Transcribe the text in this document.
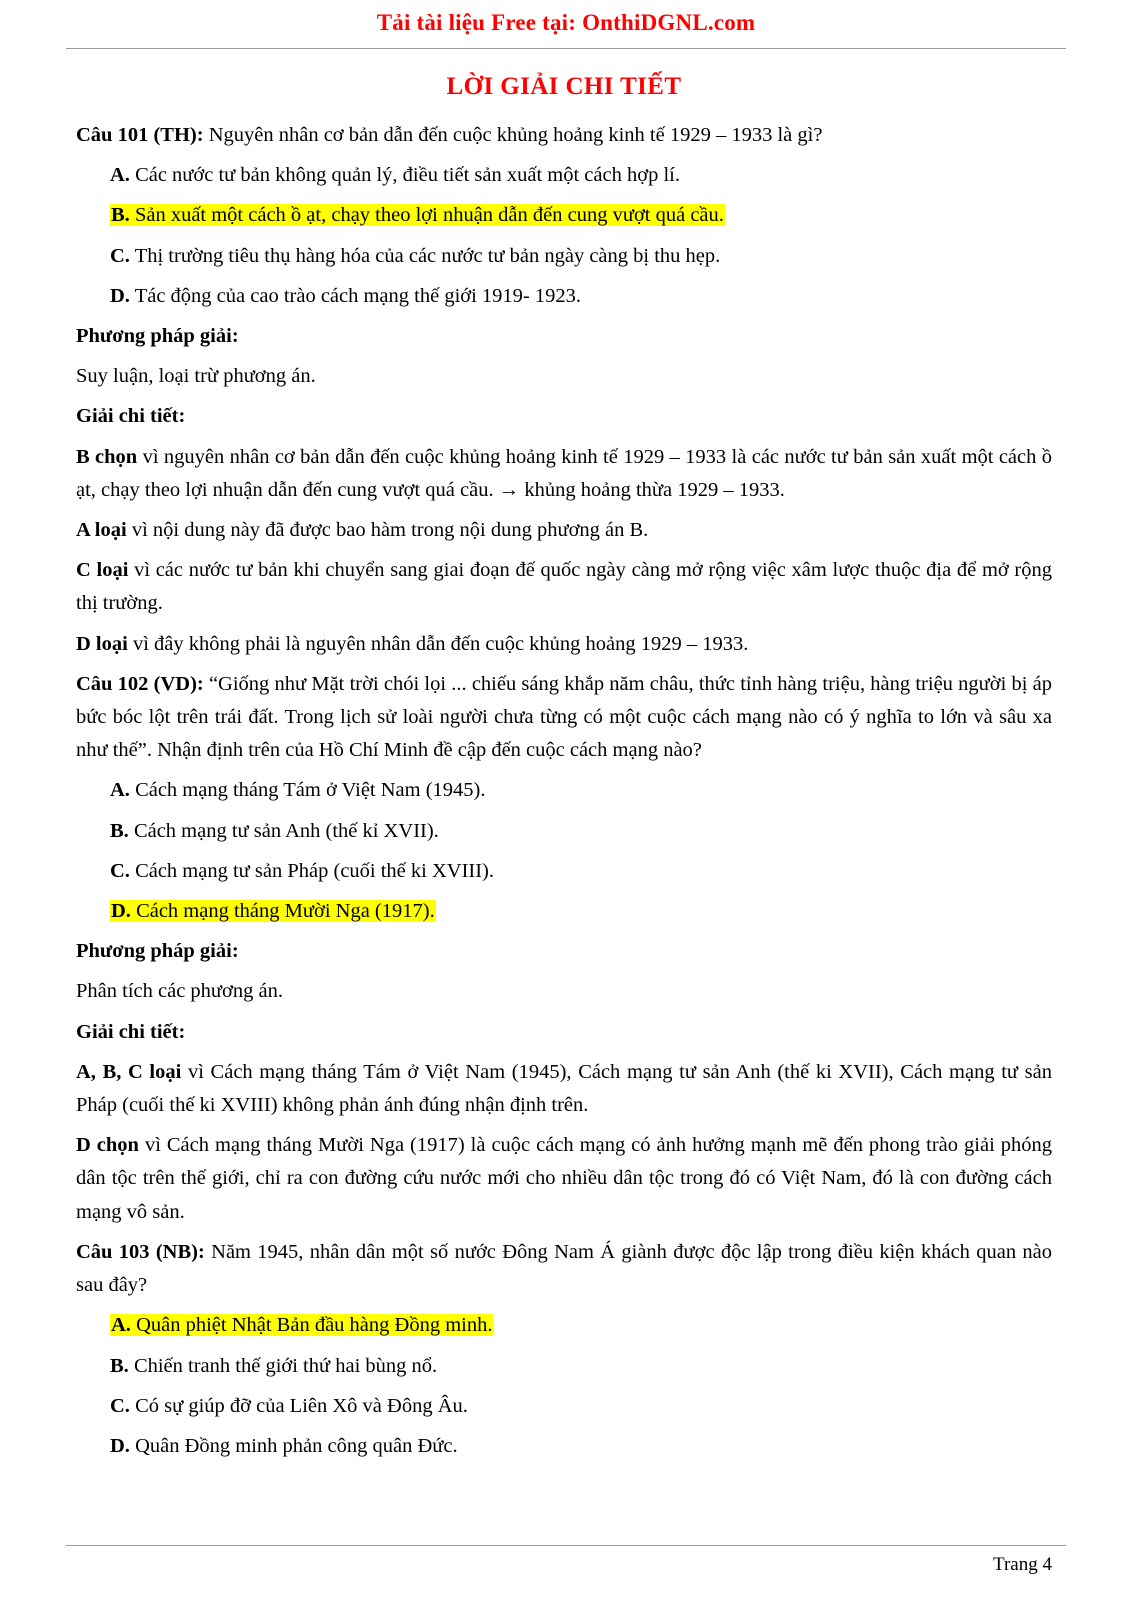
Tải tài liệu Free tại: OnthiDGNL.com
LỜI GIẢI CHI TIẾT
Câu 101 (TH): Nguyên nhân cơ bản dẫn đến cuộc khủng hoảng kinh tế 1929 – 1933 là gì?
A. Các nước tư bản không quản lý, điều tiết sản xuất một cách hợp lí.
B. Sản xuất một cách ồ ạt, chạy theo lợi nhuận dẫn đến cung vượt quá cầu.
C. Thị trường tiêu thụ hàng hóa của các nước tư bản ngày càng bị thu hẹp.
D. Tác động của cao trào cách mạng thế giới 1919- 1923.
Phương pháp giải:
Suy luận, loại trừ phương án.
Giải chi tiết:
B chọn vì nguyên nhân cơ bản dẫn đến cuộc khủng hoảng kinh tế 1929 – 1933 là các nước tư bản sản xuất một cách ồ ạt, chạy theo lợi nhuận dẫn đến cung vượt quá cầu. → khủng hoảng thừa 1929 – 1933.
A loại vì nội dung này đã được bao hàm trong nội dung phương án B.
C loại vì các nước tư bản khi chuyển sang giai đoạn đế quốc ngày càng mở rộng việc xâm lược thuộc địa để mở rộng thị trường.
D loại vì đây không phải là nguyên nhân dẫn đến cuộc khủng hoảng 1929 – 1933.
Câu 102 (VD): “Giống như Mặt trời chói lọi ... chiếu sáng khắp năm châu, thức tỉnh hàng triệu, hàng triệu người bị áp bức bóc lột trên trái đất. Trong lịch sử loài người chưa từng có một cuộc cách mạng nào có ý nghĩa to lớn và sâu xa như thế”. Nhận định trên của Hồ Chí Minh đề cập đến cuộc cách mạng nào?
A. Cách mạng tháng Tám ở Việt Nam (1945).
B. Cách mạng tư sản Anh (thế kỉ XVII).
C. Cách mạng tư sản Pháp (cuối thế ki XVIII).
D. Cách mạng tháng Mười Nga (1917).
Phương pháp giải:
Phân tích các phương án.
Giải chi tiết:
A, B, C loại vì Cách mạng tháng Tám ở Việt Nam (1945), Cách mạng tư sản Anh (thế ki XVII), Cách mạng tư sản Pháp (cuối thế ki XVIII) không phản ánh đúng nhận định trên.
D chọn vì Cách mạng tháng Mười Nga (1917) là cuộc cách mạng có ảnh hưởng mạnh mẽ đến phong trào giải phóng dân tộc trên thế giới, chỉ ra con đường cứu nước mới cho nhiều dân tộc trong đó có Việt Nam, đó là con đường cách mạng vô sản.
Câu 103 (NB): Năm 1945, nhân dân một số nước Đông Nam Á giành được độc lập trong điều kiện khách quan nào sau đây?
A. Quân phiệt Nhật Bản đầu hàng Đồng minh.
B. Chiến tranh thế giới thứ hai bùng nổ.
C. Có sự giúp đỡ của Liên Xô và Đông Âu.
D. Quân Đồng minh phản công quân Đức.
Trang 4
